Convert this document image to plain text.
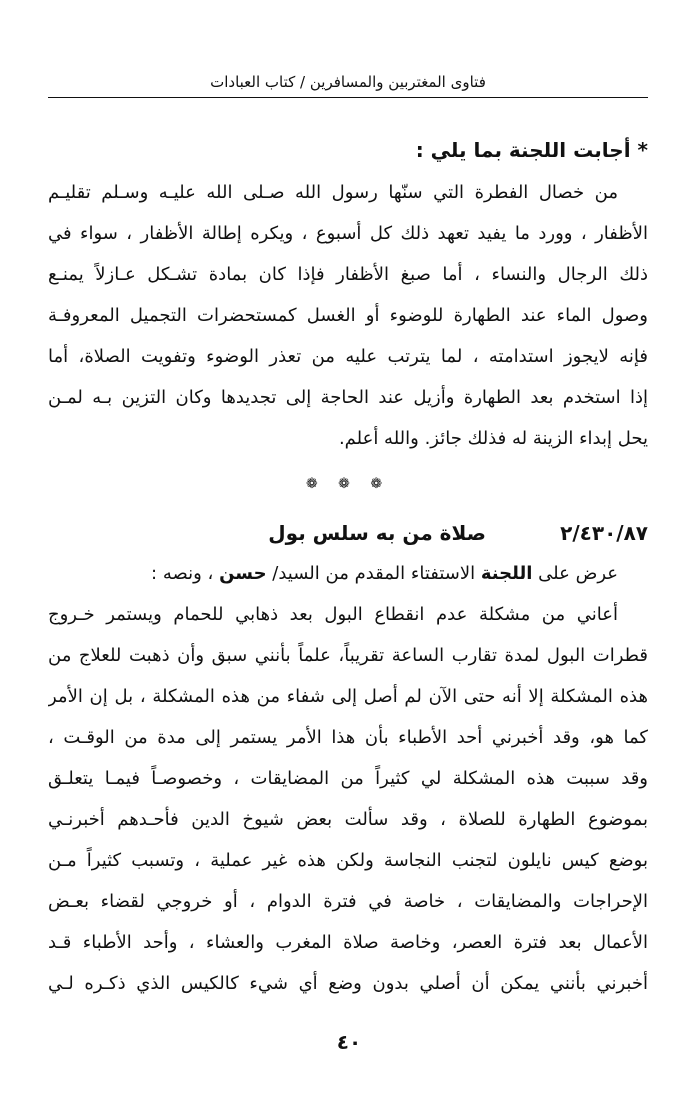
فتاوى المغتربين والمسافرين / كتاب العبادات
* أجابت اللجنة بما يلي :
من خصال الفطرة التي سنّها رسول الله صـلى الله عليـه وسـلم تقليـم
الأظفار ، وورد ما يفيد تعهد ذلك كل أسبوع ، ويكره إطالة الأظفار ، سواء في
ذلك الرجال والنساء ، أما صبغ الأظفار فإذا كان بمادة تشـكل عـازلاً يمنـع
وصول الماء عند الطهارة للوضوء أو الغسل كمستحضرات التجميل المعروفـة
فإنه لايجوز استدامته ، لما يترتب عليه من تعذر الوضوء وتفويت الصلاة، أما
إذا استخدم بعد الطهارة وأزيل عند الحاجة إلى تجديدها وكان التزين بـه لمـن
يحل إبداء الزينة له فذلك جائز. والله أعلم.
❁ ❁ ❁
٢/٤٣٠/٨٧
صلاة من به سلس بول
عرض على اللجنة الاستفتاء المقدم من السيد/ حسن ، ونصه :
أعاني من مشكلة عدم انقطاع البول بعد ذهابي للحمام ويستمر خـروج
قطرات البول لمدة تقارب الساعة تقريباً، علماً بأنني سبق وأن ذهبت للعلاج من
هذه المشكلة إلا أنه حتى الآن لم أصل إلى شفاء من هذه المشكلة ، بل إن الأمر
كما هو، وقد أخبرني أحد الأطباء بأن هذا الأمر يستمر إلى مدة من الوقـت ،
وقد سببت هذه المشكلة لي كثيراً من المضايقات ، وخصوصـاً فيمـا يتعلـق
بموضوع الطهارة للصلاة ، وقد سألت بعض شيوخ الدين فأحـدهم أخبرنـي
بوضع كيس نايلون لتجنب النجاسة ولكن هذه غير عملية ، وتسبب كثيراً مـن
الإحراجات والمضايقات ، خاصة في فترة الدوام ، أو خروجي لقضاء بعـض
الأعمال بعد فترة العصر، وخاصة صلاة المغرب والعشاء ، وأحد الأطباء قـد
أخبرني بأنني يمكن أن أصلي بدون وضع أي شيء كالكيس الذي ذكـره لـي
٤٠
